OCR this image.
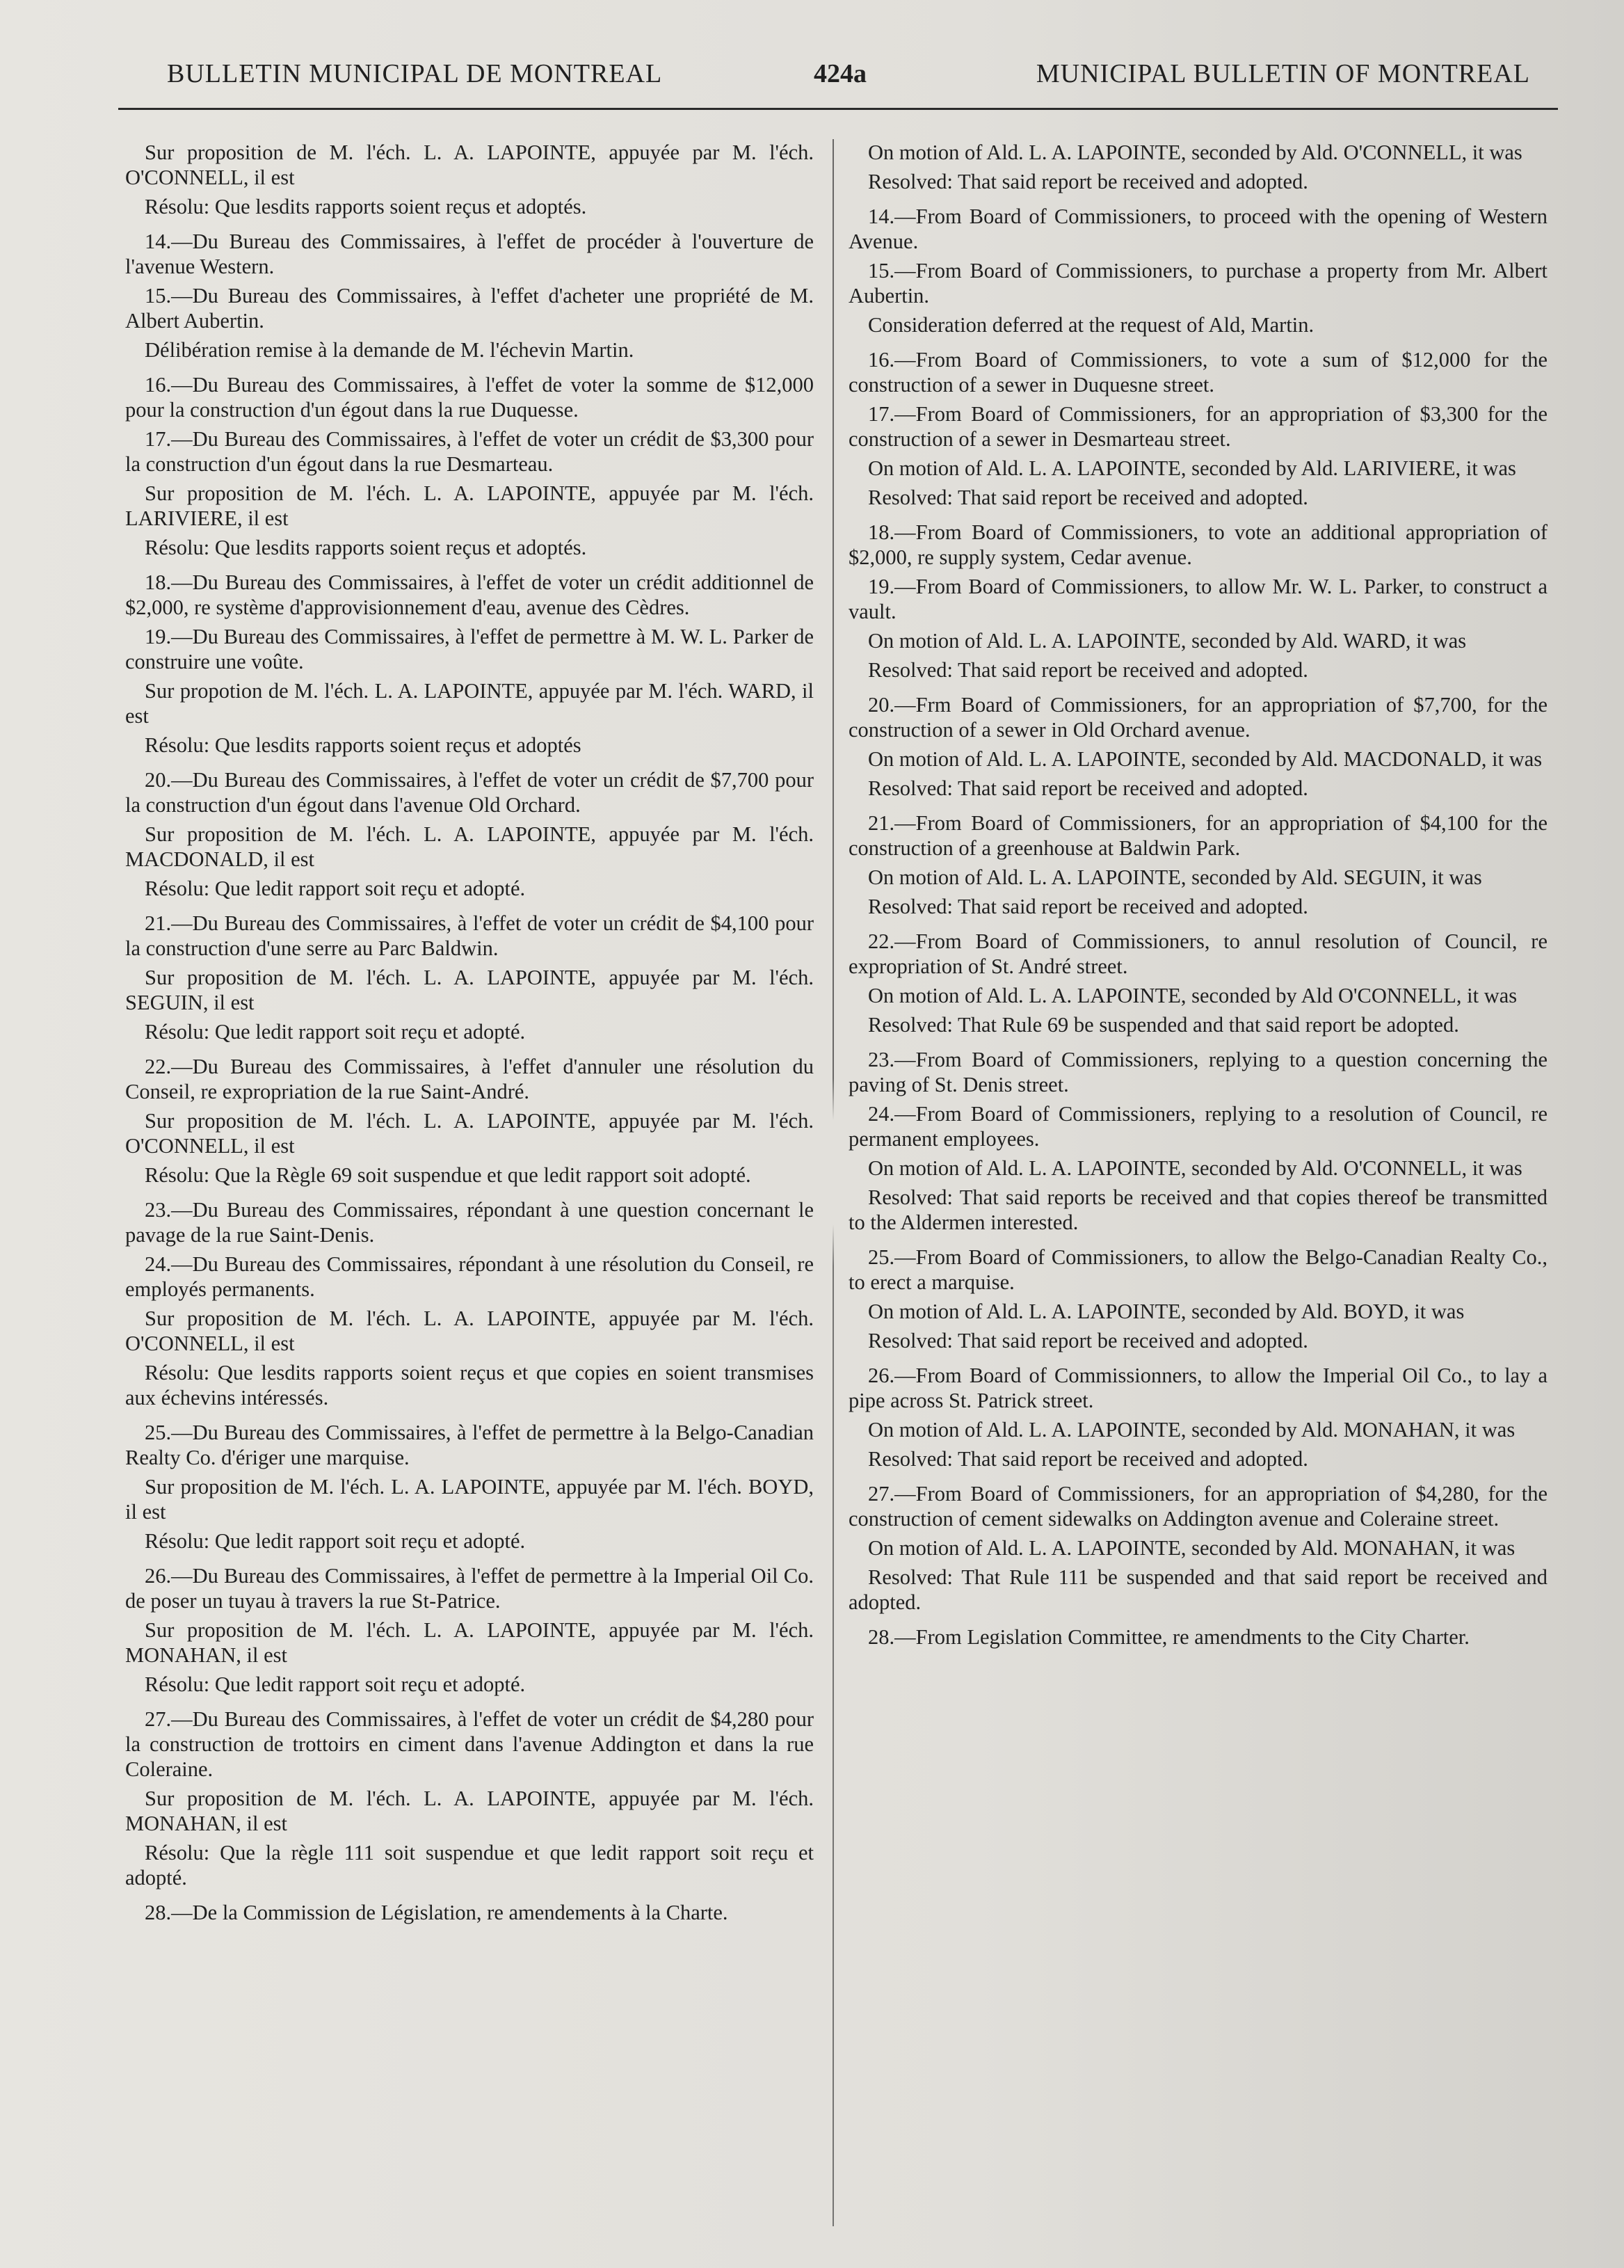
BULLETIN MUNICIPAL DE MONTREAL	424a	MUNICIPAL BULLETIN OF MONTREAL

Sur proposition de M. l'éch. L. A. LAPOINTE, appuyée par M. l'éch. O'CONNELL, il est

Résolu: Que lesdits rapports soient reçus et adoptés.

14.—Du Bureau des Commissaires, à l'effet de procéder à l'ouverture de l'avenue Western.

15.—Du Bureau des Commissaires, à l'effet d'acheter une propriété de M. Albert Aubertin.

Délibération remise à la demande de M. l'échevin Martin.

16.—Du Bureau des Commissaires, à l'effet de voter la somme de $12,000 pour la construction d'un égout dans la rue Duquesse.

17.—Du Bureau des Commissaires, à l'effet de voter un crédit de $3,300 pour la construction d'un égout dans la rue Desmarteau.

Sur proposition de M. l'éch. L. A. LAPOINTE, appuyée par M. l'éch. LARIVIERE, il est

Résolu: Que lesdits rapports soient reçus et adoptés.

18.—Du Bureau des Commissaires, à l'effet de voter un crédit additionnel de $2,000, re système d'approvisionnement d'eau, avenue des Cèdres.

19.—Du Bureau des Commissaires, à l'effet de permettre à M. W. L. Parker de construire une voûte.

Sur propotion de M. l'éch. L. A. LAPOINTE, appuyée par M. l'éch. WARD, il est

Résolu: Que lesdits rapports soient reçus et adoptés

20.—Du Bureau des Commissaires, à l'effet de voter un crédit de $7,700 pour la construction d'un égout dans l'avenue Old Orchard.

Sur proposition de M. l'éch. L. A. LAPOINTE, appuyée par M. l'éch. MACDONALD, il est

Résolu: Que ledit rapport soit reçu et adopté.

21.—Du Bureau des Commissaires, à l'effet de voter un crédit de $4,100 pour la construction d'une serre au Parc Baldwin.

Sur proposition de M. l'éch. L. A. LAPOINTE, appuyée par M. l'éch. SEGUIN, il est

Résolu: Que ledit rapport soit reçu et adopté.

22.—Du Bureau des Commissaires, à l'effet d'annuler une résolution du Conseil, re expropriation de la rue Saint-André.

Sur proposition de M. l'éch. L. A. LAPOINTE, appuyée par M. l'éch. O'CONNELL, il est

Résolu: Que la Règle 69 soit suspendue et que ledit rapport soit adopté.

23.—Du Bureau des Commissaires, répondant à une question concernant le pavage de la rue Saint-Denis.

24.—Du Bureau des Commissaires, répondant à une résolution du Conseil, re employés permanents.

Sur proposition de M. l'éch. L. A. LAPOINTE, appuyée par M. l'éch. O'CONNELL, il est

Résolu: Que lesdits rapports soient reçus et que copies en soient transmises aux échevins intéressés.

25.—Du Bureau des Commissaires, à l'effet de permettre à la Belgo-Canadian Realty Co. d'ériger une marquise.

Sur proposition de M. l'éch. L. A. LAPOINTE, appuyée par M. l'éch. BOYD, il est

Résolu: Que ledit rapport soit reçu et adopté.

26.—Du Bureau des Commissaires, à l'effet de permettre à la Imperial Oil Co. de poser un tuyau à travers la rue St-Patrice.

Sur proposition de M. l'éch. L. A. LAPOINTE, appuyée par M. l'éch. MONAHAN, il est

Résolu: Que ledit rapport soit reçu et adopté.

27.—Du Bureau des Commissaires, à l'effet de voter un crédit de $4,280 pour la construction de trottoirs en ciment dans l'avenue Addington et dans la rue Coleraine.

Sur proposition de M. l'éch. L. A. LAPOINTE, appuyée par M. l'éch. MONAHAN, il est

Résolu: Que la règle 111 soit suspendue et que ledit rapport soit reçu et adopté.

28.—De la Commission de Législation, re amendements à la Charte.

On motion of Ald. L. A. LAPOINTE, seconded by Ald. O'CONNELL, it was

Resolved: That said report be received and adopted.

14.—From Board of Commissioners, to proceed with the opening of Western Avenue.

15.—From Board of Commissioners, to purchase a property from Mr. Albert Aubertin.

Consideration deferred at the request of Ald, Martin.

16.—From Board of Commissioners, to vote a sum of $12,000 for the construction of a sewer in Duquesne street.

17.—From Board of Commissioners, for an appropriation of $3,300 for the construction of a sewer in Desmarteau street.

On motion of Ald. L. A. LAPOINTE, seconded by Ald. LARIVIERE, it was

Resolved: That said report be received and adopted.

18.—From Board of Commissioners, to vote an additional appropriation of $2,000, re supply system, Cedar avenue.

19.—From Board of Commissioners, to allow Mr. W. L. Parker, to construct a vault.

On motion of Ald. L. A. LAPOINTE, seconded by Ald. WARD, it was

Resolved: That said report be received and adopted.

20.—Frm Board of Commissioners, for an appropriation of $7,700, for the construction of a sewer in Old Orchard avenue.

On motion of Ald. L. A. LAPOINTE, seconded by Ald. MACDONALD, it was

Resolved: That said report be received and adopted.

21.—From Board of Commissioners, for an appropriation of $4,100 for the construction of a greenhouse at Baldwin Park.

On motion of Ald. L. A. LAPOINTE, seconded by Ald. SEGUIN, it was

Resolved: That said report be received and adopted.

22.—From Board of Commissioners, to annul resolution of Council, re expropriation of St. André street.

On motion of Ald. L. A. LAPOINTE, seconded by Ald O'CONNELL, it was

Resolved: That Rule 69 be suspended and that said report be adopted.

23.—From Board of Commissioners, replying to a question concerning the paving of St. Denis street.

24.—From Board of Commissioners, replying to a resolution of Council, re permanent employees.

On motion of Ald. L. A. LAPOINTE, seconded by Ald. O'CONNELL, it was

Resolved: That said reports be received and that copies thereof be transmitted to the Aldermen interested.

25.—From Board of Commissioners, to allow the Belgo-Canadian Realty Co., to erect a marquise.

On motion of Ald. L. A. LAPOINTE, seconded by Ald. BOYD, it was

Resolved: That said report be received and adopted.

26.—From Board of Commissionners, to allow the Imperial Oil Co., to lay a pipe across St. Patrick street.

On motion of Ald. L. A. LAPOINTE, seconded by Ald. MONAHAN, it was

Resolved: That said report be received and adopted.

27.—From Board of Commissioners, for an appropriation of $4,280, for the construction of cement sidewalks on Addington avenue and Coleraine street.

On motion of Ald. L. A. LAPOINTE, seconded by Ald. MONAHAN, it was

Resolved: That Rule 111 be suspended and that said report be received and adopted.

28.—From Legislation Committee, re amendments to the City Charter.
